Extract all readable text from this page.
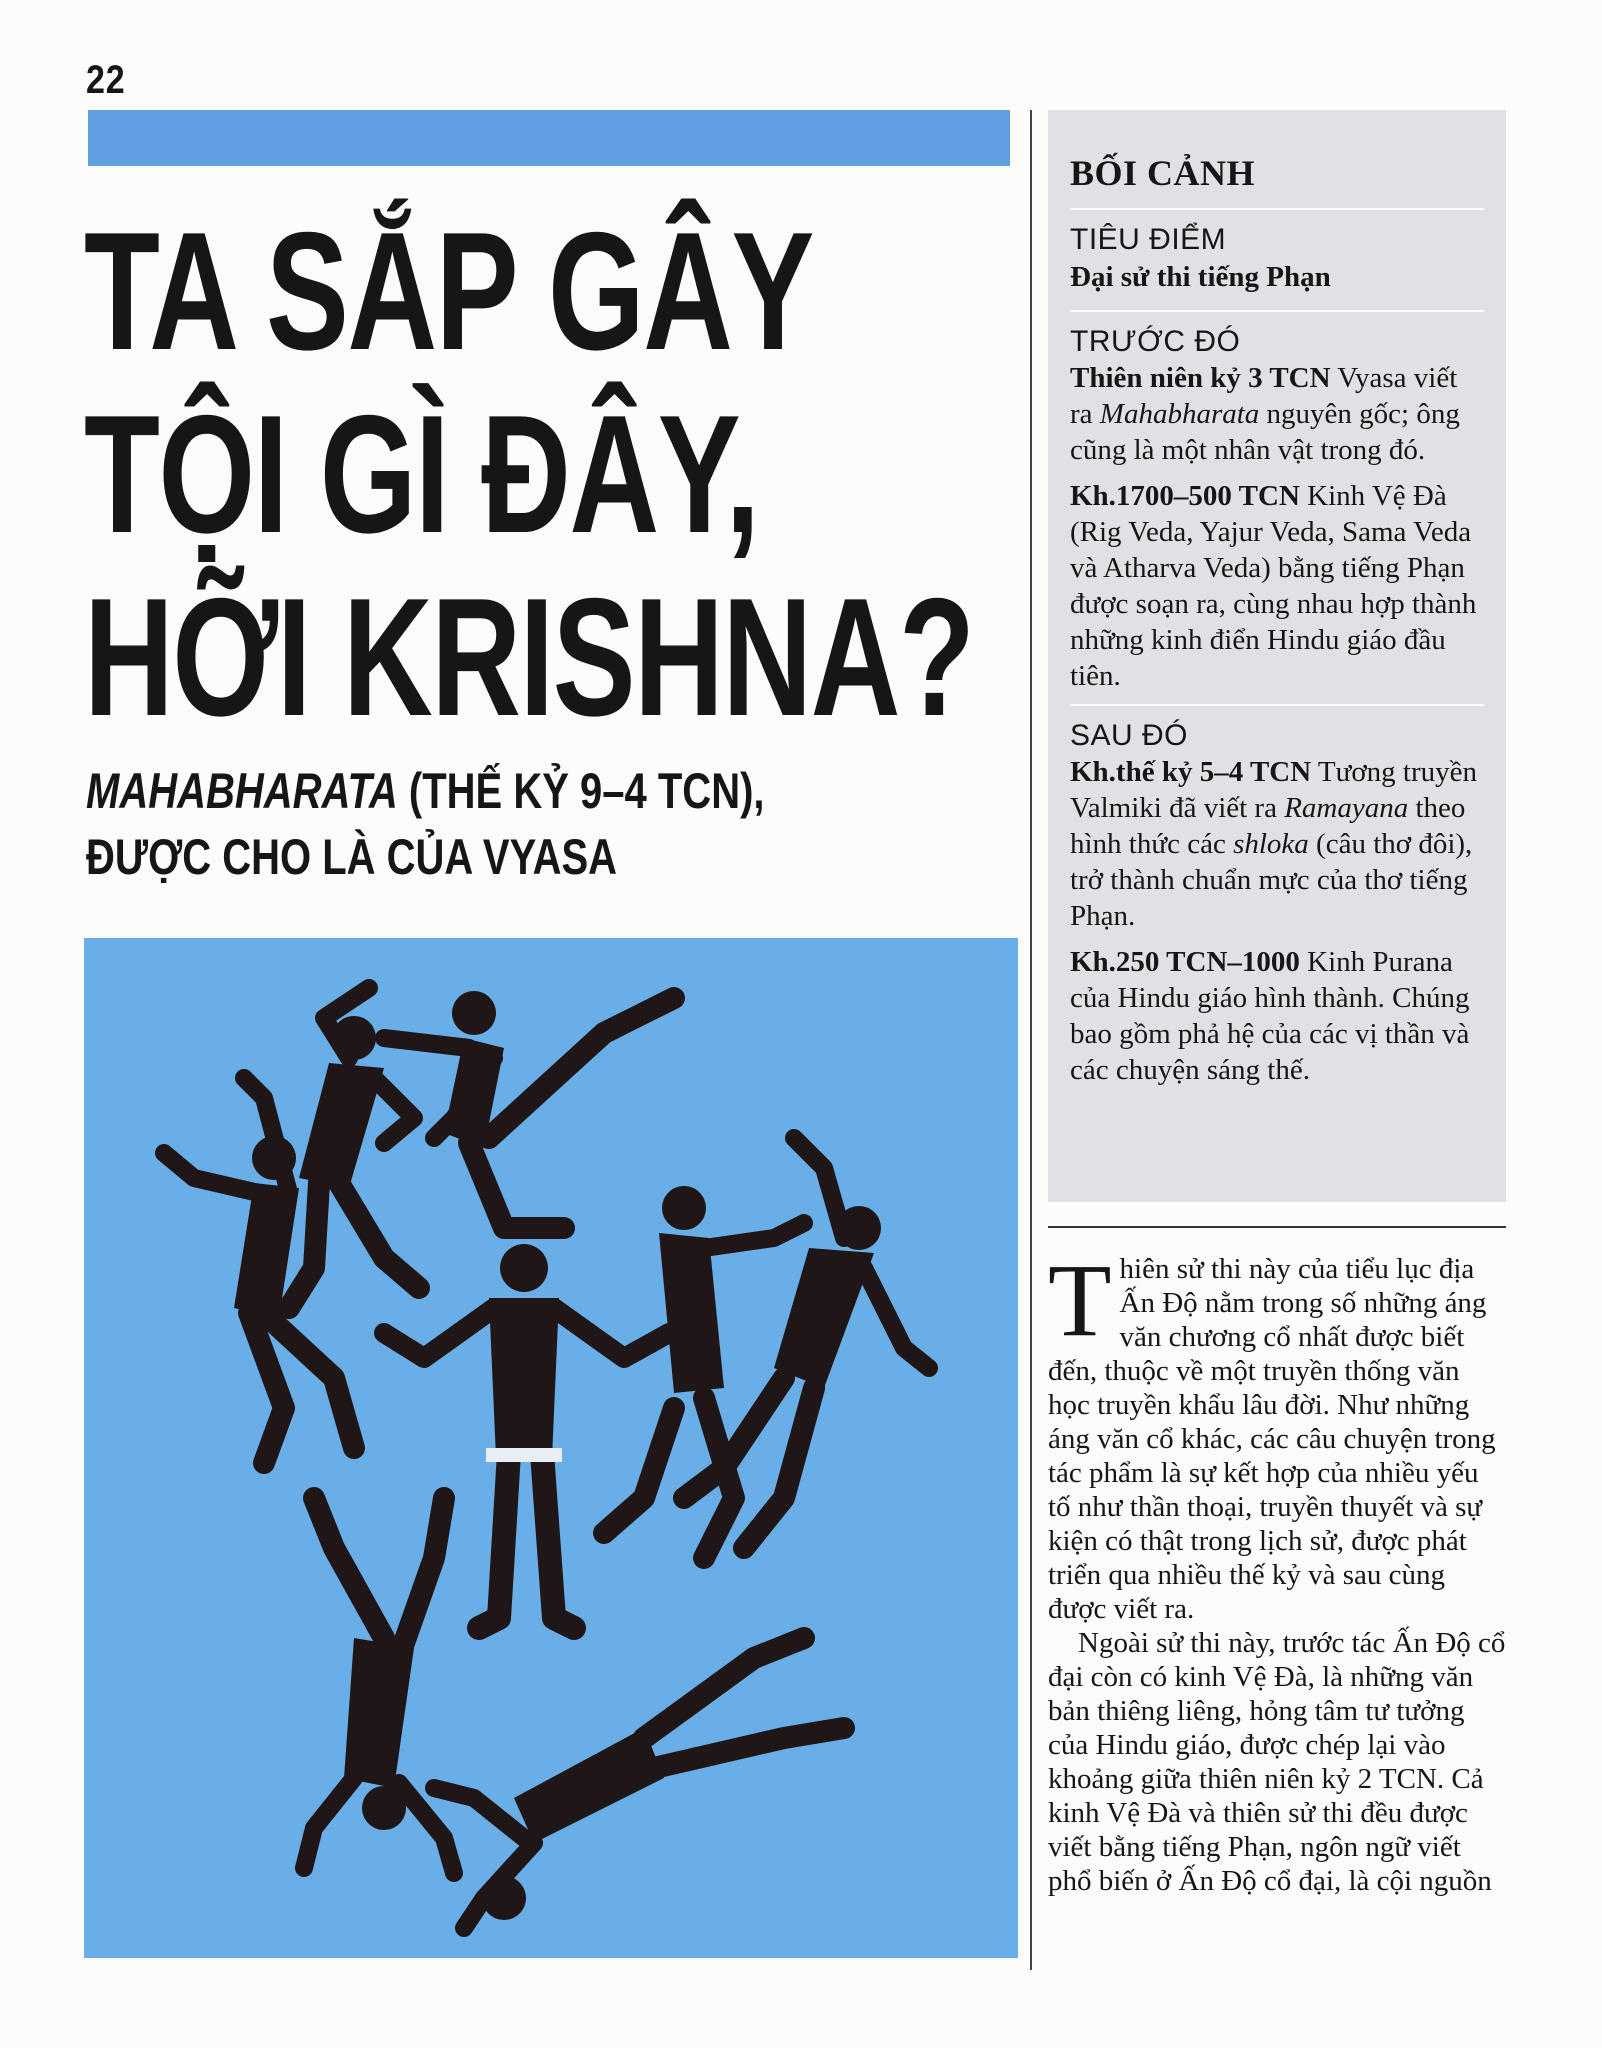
22
TA SẮP GÂY
TỘI GÌ ĐÂY,
HỠI KRISHNA?
MAHABHARATA (THẾ KỶ 9–4 TCN),
ĐƯỢC CHO LÀ CỦA VYASA
BỐI CẢNH
TIÊU ĐIỂM
Đại sử thi tiếng Phạn
TRƯỚC ĐÓ

Thiên niên kỷ 3 TCN Vyasa viết ra Mahabharata nguyên gốc; ông cũng là một nhân vật trong đó.

Kh.1700–500 TCN Kinh Vệ Đà (Rig Veda, Yajur Veda, Sama Veda và Atharva Veda) bằng tiếng Phạn được soạn ra, cùng nhau hợp thành những kinh điển Hindu giáo đầu tiên.

SAU ĐÓ

Kh.thế kỷ 5–4 TCN Tương truyền Valmiki đã viết ra Ramayana theo hình thức các shloka (câu thơ đôi), trở thành chuẩn mực của thơ tiếng Phạn.

Kh.250 TCN–1000 Kinh Purana của Hindu giáo hình thành. Chúng bao gồm phả hệ của các vị thần và các chuyện sáng thế.

Thiên sử thi này của tiểu lục địa Ấn Độ nằm trong số những áng văn chương cổ nhất được biết đến, thuộc về một truyền thống văn học truyền khẩu lâu đời. Như những áng văn cổ khác, các câu chuyện trong tác phẩm là sự kết hợp của nhiều yếu tố như thần thoại, truyền thuyết và sự kiện có thật trong lịch sử, được phát triển qua nhiều thế kỷ và sau cùng được viết ra.

Ngoài sử thi này, trước tác Ấn Độ cổ đại còn có kinh Vệ Đà, là những văn bản thiêng liêng, hỏng tâm tư tưởng của Hindu giáo, được chép lại vào khoảng giữa thiên niên kỷ 2 TCN. Cả kinh Vệ Đà và thiên sử thi đều được viết bằng tiếng Phạn, ngôn ngữ viết phổ biến ở Ấn Độ cổ đại, là cội nguồn
